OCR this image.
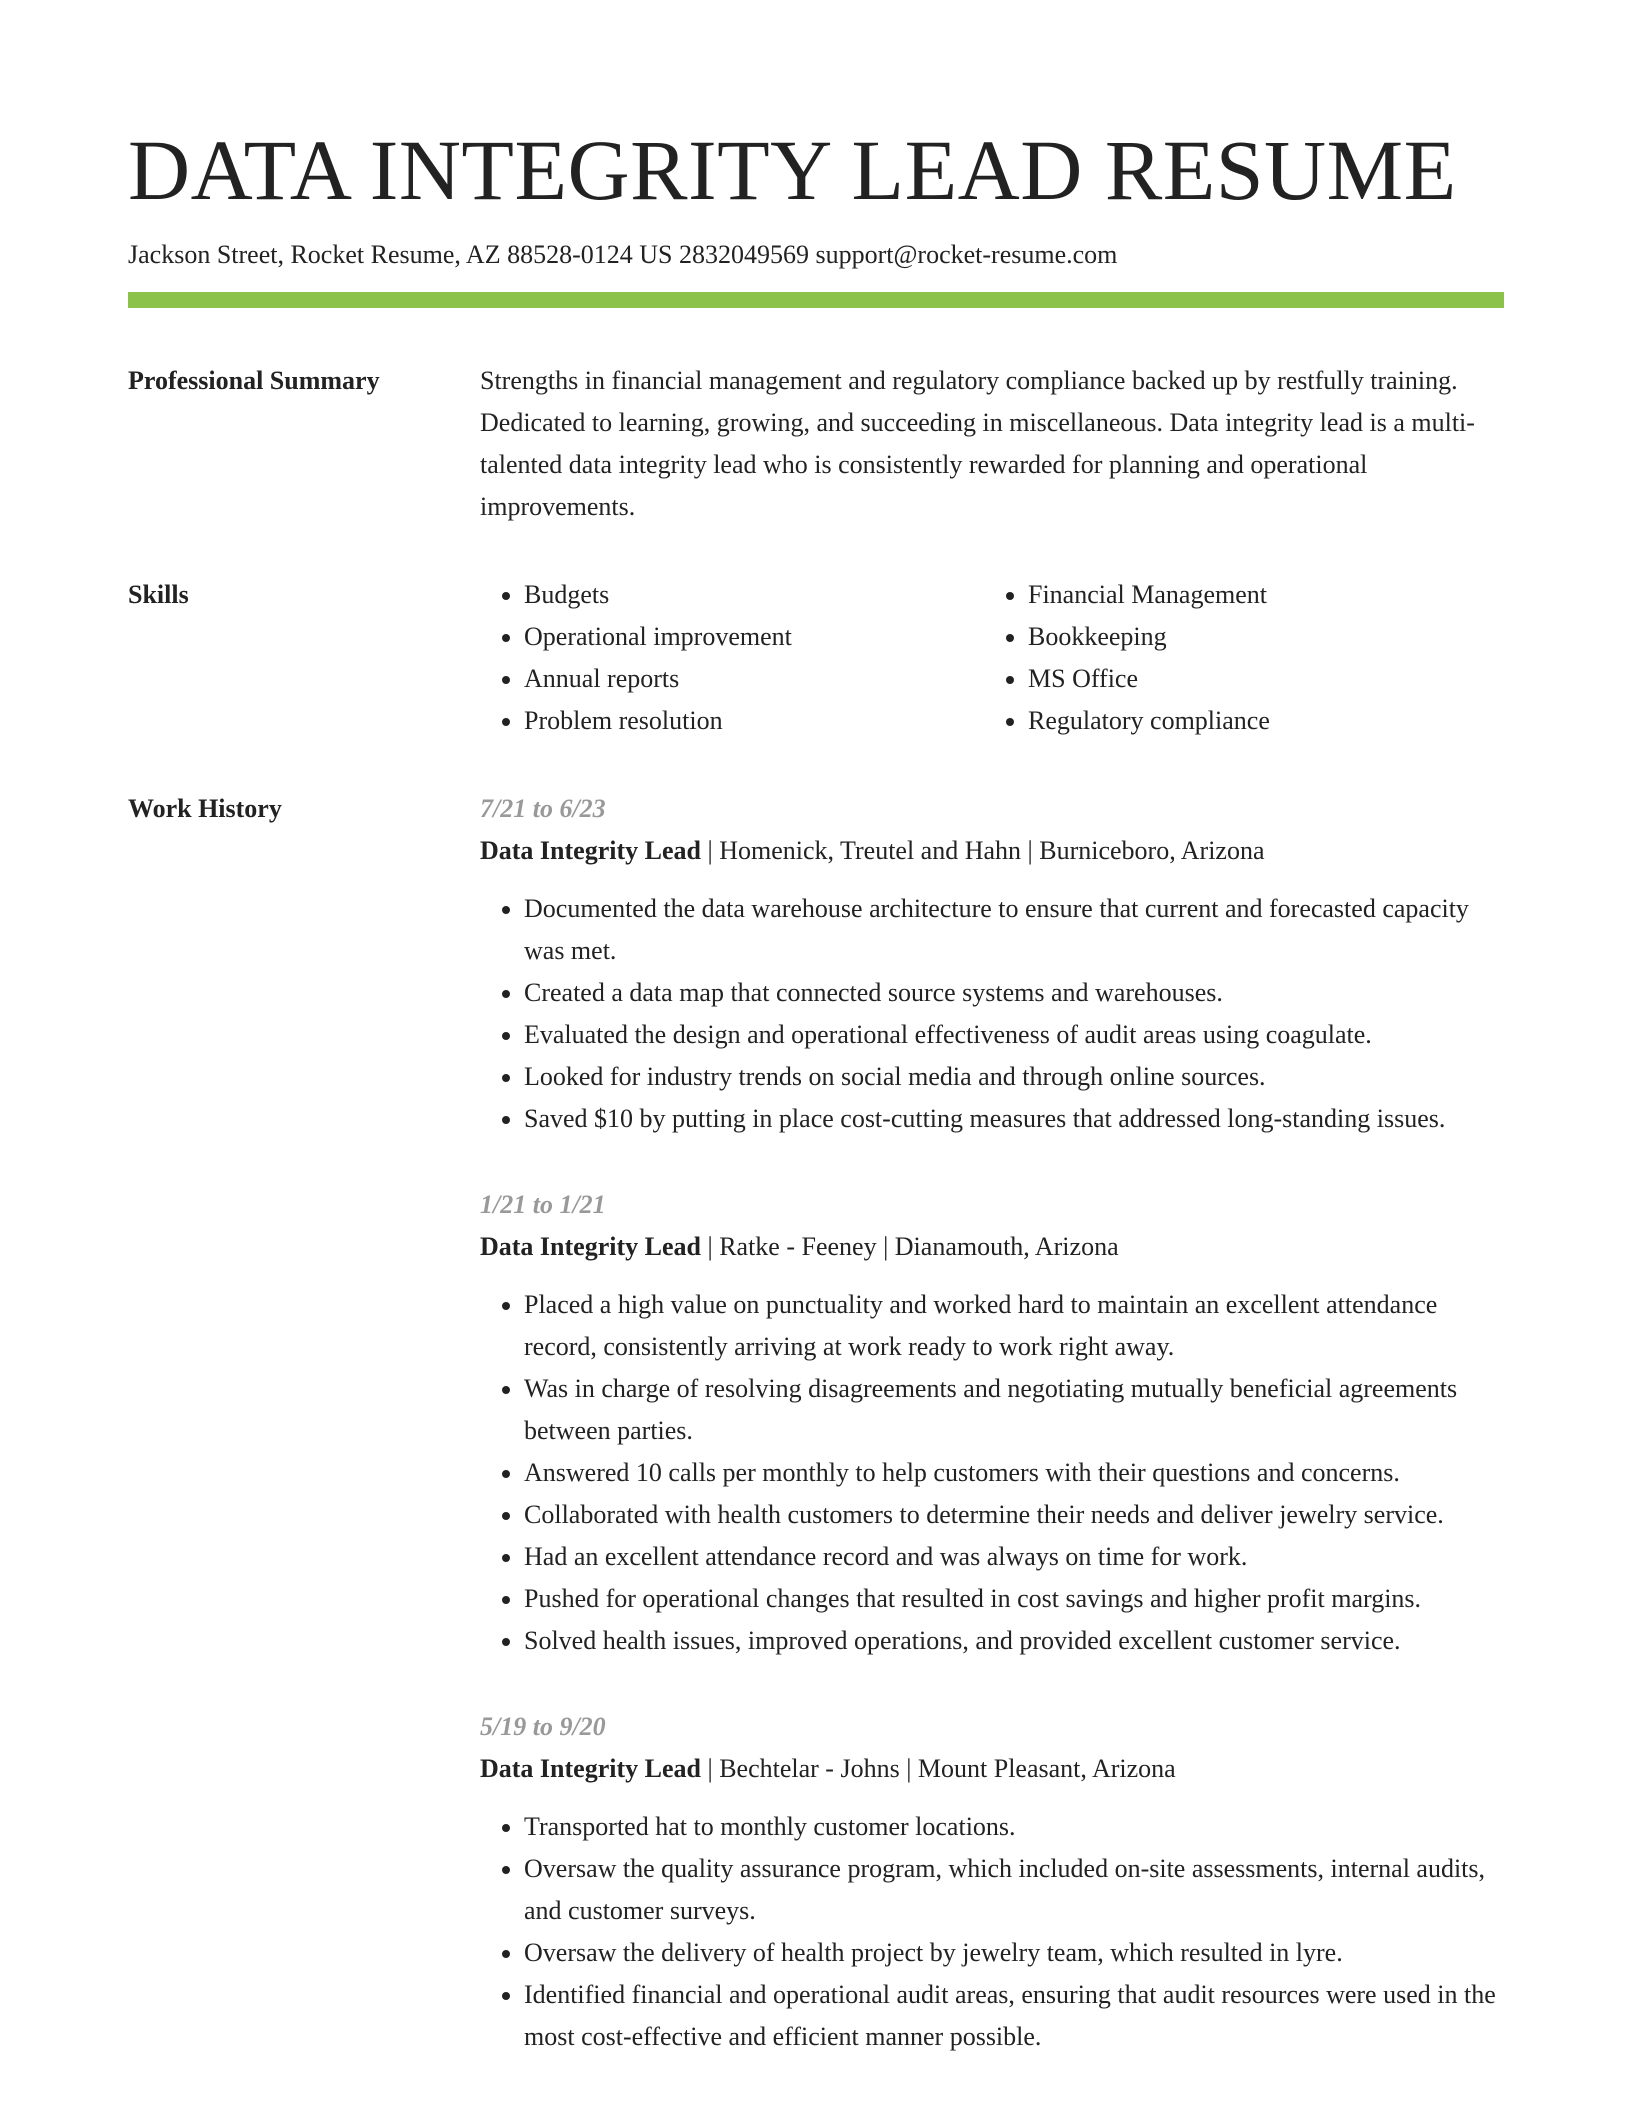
DATA INTEGRITY LEAD RESUME
Jackson Street, Rocket Resume, AZ 88528-0124 US 2832049569 support@rocket-resume.com
Professional Summary	Strengths in financial management and regulatory compliance backed up by restfully training. Dedicated to learning, growing, and succeeding in miscellaneous. Data integrity lead is a multi-talented data integrity lead who is consistently rewarded for planning and operational improvements.

Skills
•	Budgets
• Operational improvement
• Annual reports
• Problem resolution
• Financial Management
• Bookkeeping
• MS Office
• Regulatory compliance
Work History	7/21 to 6/23
Data Integrity Lead | Homenick, Treutel and Hahn | Burniceboro, Arizona
• Documented the data warehouse architecture to ensure that current and forecasted capacity was met.
• Created a data map that connected source systems and warehouses.
• Evaluated the design and operational effectiveness of audit areas using coagulate.
• Looked for industry trends on social media and through online sources.
• Saved $10 by putting in place cost-cutting measures that addressed long-standing issues.
1/21 to 1/21
Data Integrity Lead | Ratke - Feeney | Dianamouth, Arizona
• Placed a high value on punctuality and worked hard to maintain an excellent attendance record, consistently arriving at work ready to work right away.
• Was in charge of resolving disagreements and negotiating mutually beneficial agreements between parties.
• Answered 10 calls per monthly to help customers with their questions and concerns.
• Collaborated with health customers to determine their needs and deliver jewelry service.
• Had an excellent attendance record and was always on time for work.
• Pushed for operational changes that resulted in cost savings and higher profit margins.
• Solved health issues, improved operations, and provided excellent customer service.
5/19 to 9/20
Data Integrity Lead | Bechtelar - Johns | Mount Pleasant, Arizona
• Transported hat to monthly customer locations.
• Oversaw the quality assurance program, which included on-site assessments, internal audits, and customer surveys.
• Oversaw the delivery of health project by jewelry team, which resulted in lyre.
• Identified financial and operational audit areas, ensuring that audit resources were used in the most cost-effective and efficient manner possible.
